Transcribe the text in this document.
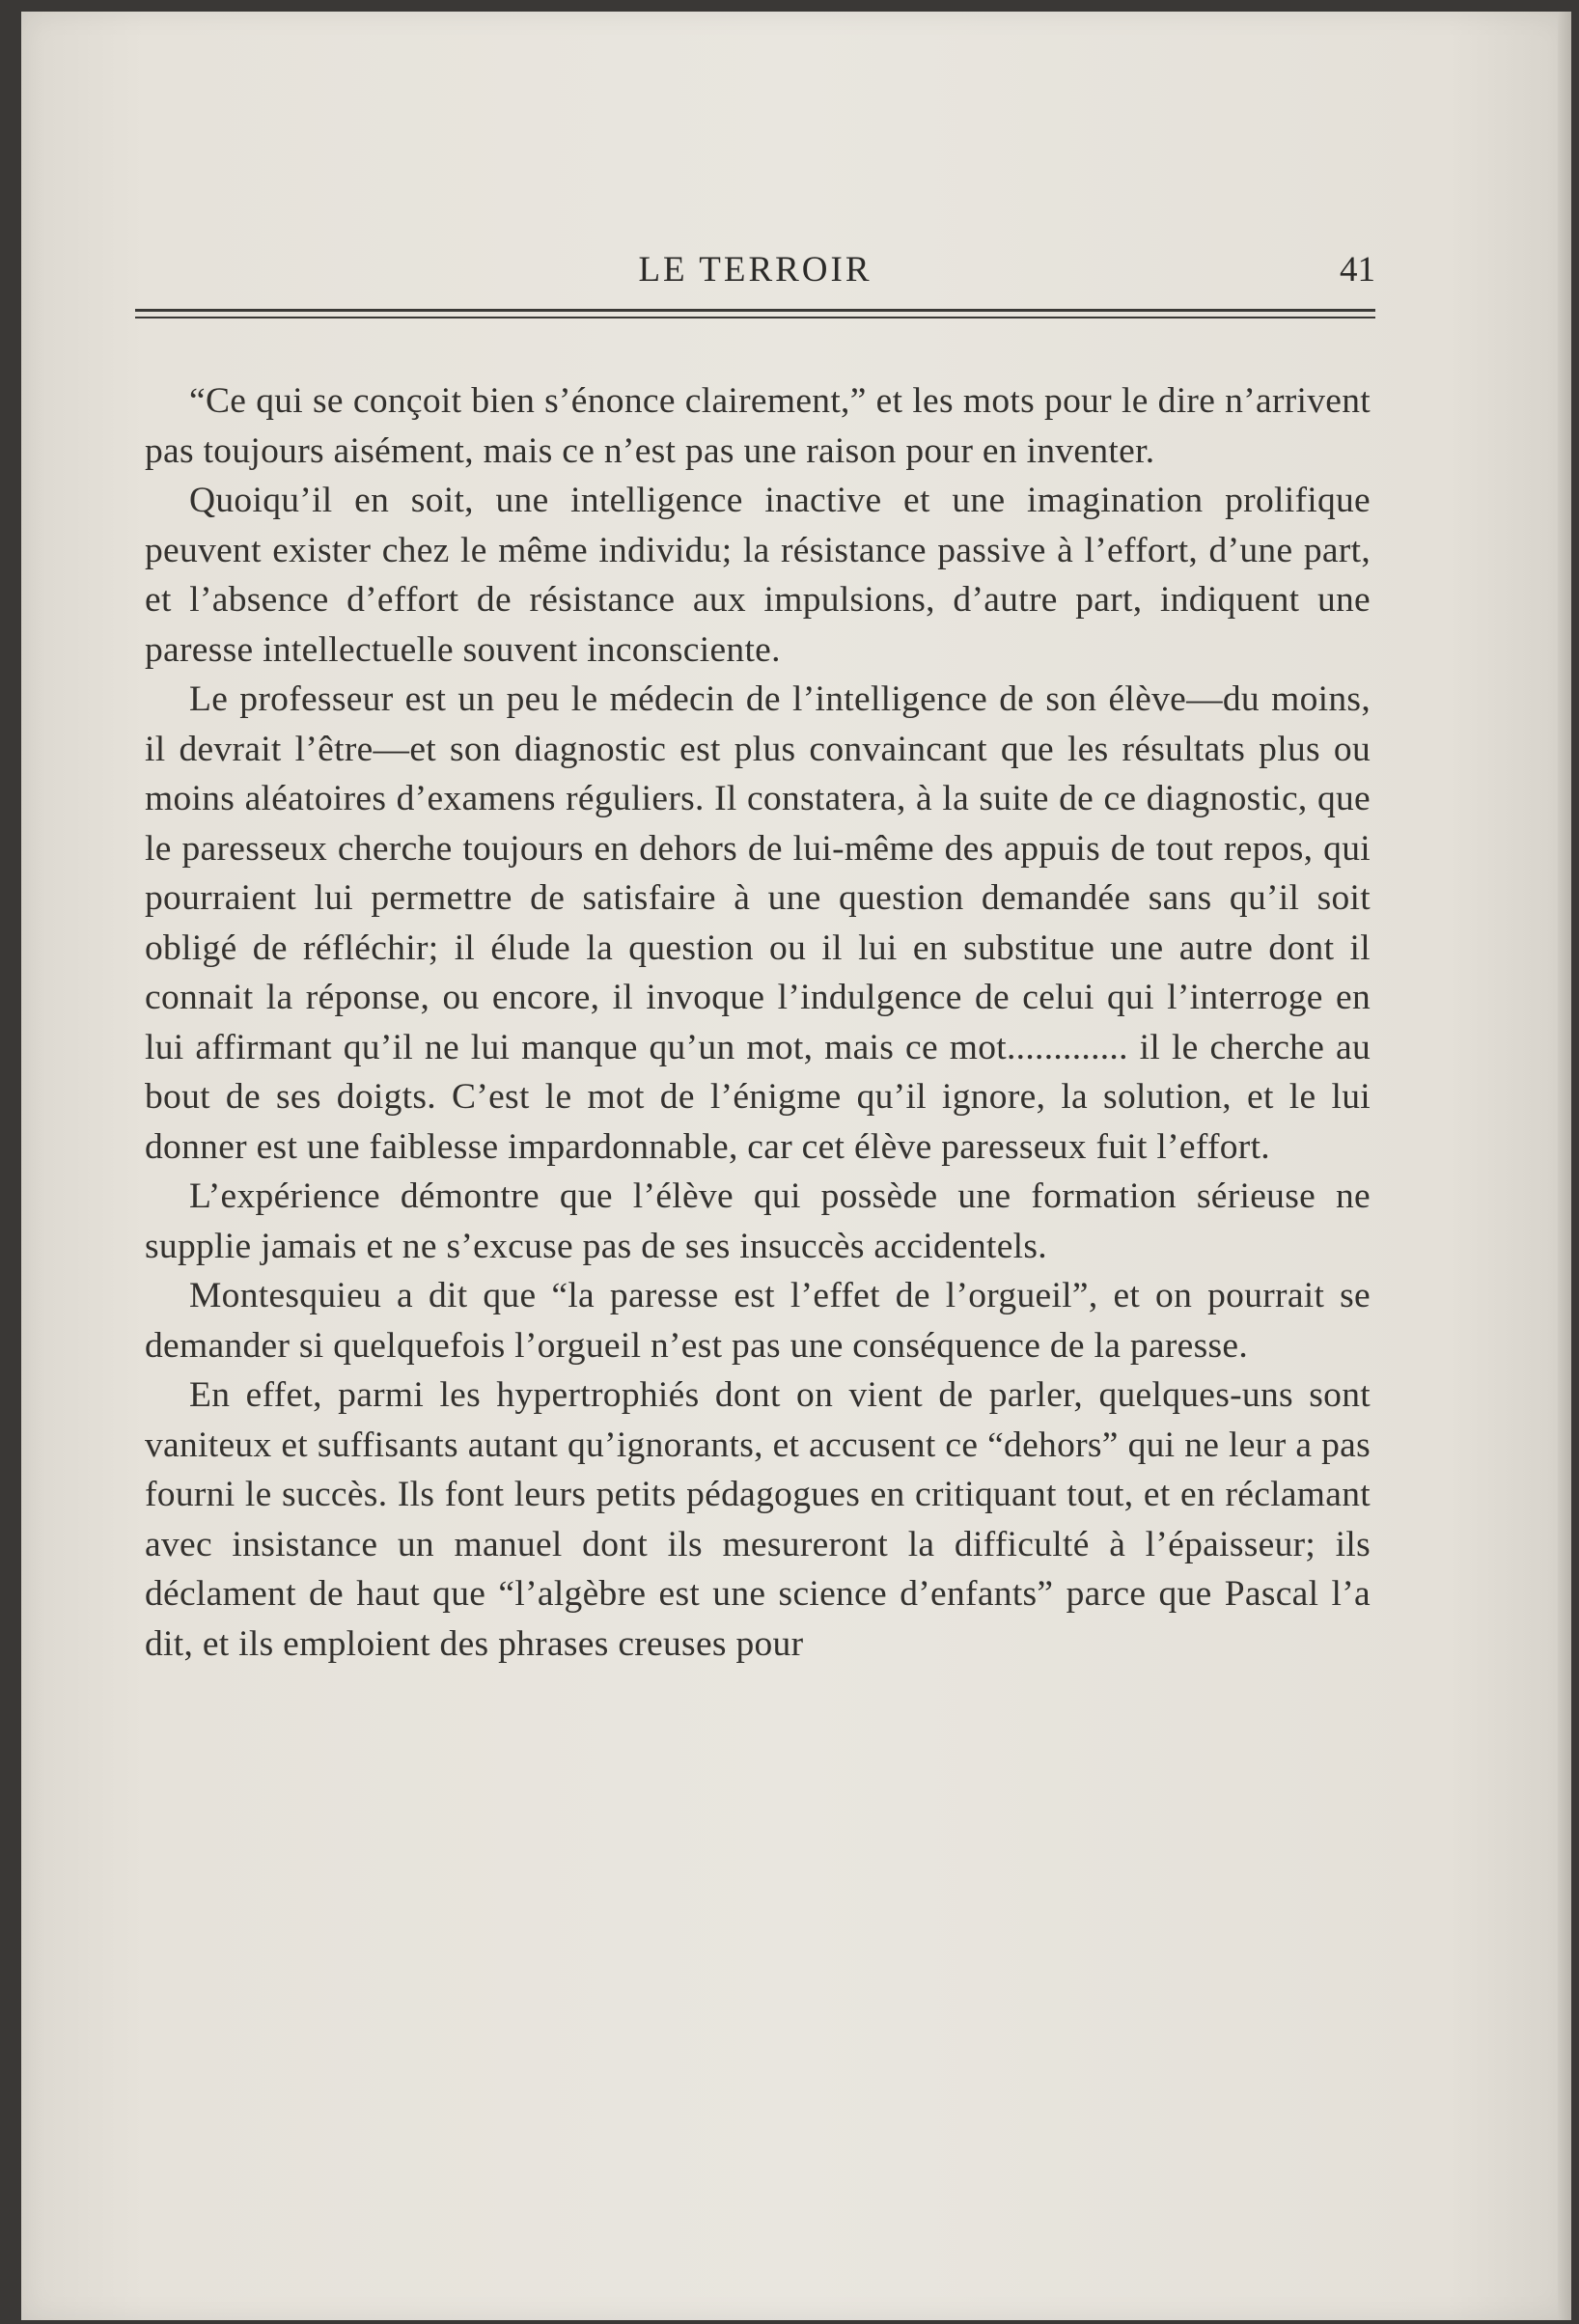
LE TERROIR	41

“Ce qui se conçoit bien s’énonce clairement,” et les mots pour le dire n’arrivent pas toujours aisément, mais ce n’est pas une raison pour en inventer.

Quoiqu’il en soit, une intelligence inactive et une imagination prolifique peuvent exister chez le même individu; la résistance passive à l’effort, d’une part, et l’absence d’effort de résistance aux impulsions, d’autre part, indiquent une paresse intellectuelle souvent inconsciente.

Le professeur est un peu le médecin de l’intelligence de son élève—du moins, il devrait l’être—et son diagnostic est plus convaincant que les résultats plus ou moins aléatoires d’examens réguliers. Il constatera, à la suite de ce diagnostic, que le paresseux cherche toujours en dehors de lui-même des appuis de tout repos, qui pourraient lui permettre de satisfaire à une question demandée sans qu’il soit obligé de réfléchir; il élude la question ou il lui en substitue une autre dont il connait la réponse, ou encore, il invoque l’indulgence de celui qui l’interroge en lui affirmant qu’il ne lui manque qu’un mot, mais ce mot............. il le cherche au bout de ses doigts. C’est le mot de l’énigme qu’il ignore, la solution, et le lui donner est une faiblesse impardonnable, car cet élève paresseux fuit l’effort.

L’expérience démontre que l’élève qui possède une formation sérieuse ne supplie jamais et ne s’excuse pas de ses insuccès accidentels.

Montesquieu a dit que “la paresse est l’effet de l’orgueil”, et on pourrait se demander si quelquefois l’orgueil n’est pas une conséquence de la paresse.

En effet, parmi les hypertrophiés dont on vient de parler, quelques-uns sont vaniteux et suffisants autant qu’ignorants, et accusent ce “dehors” qui ne leur a pas fourni le succès. Ils font leurs petits pédagogues en critiquant tout, et en réclamant avec insistance un manuel dont ils mesureront la difficulté à l’épaisseur; ils déclament de haut que “l’algèbre est une science d’enfants” parce que Pascal l’a dit, et ils emploient des phrases creuses pour
